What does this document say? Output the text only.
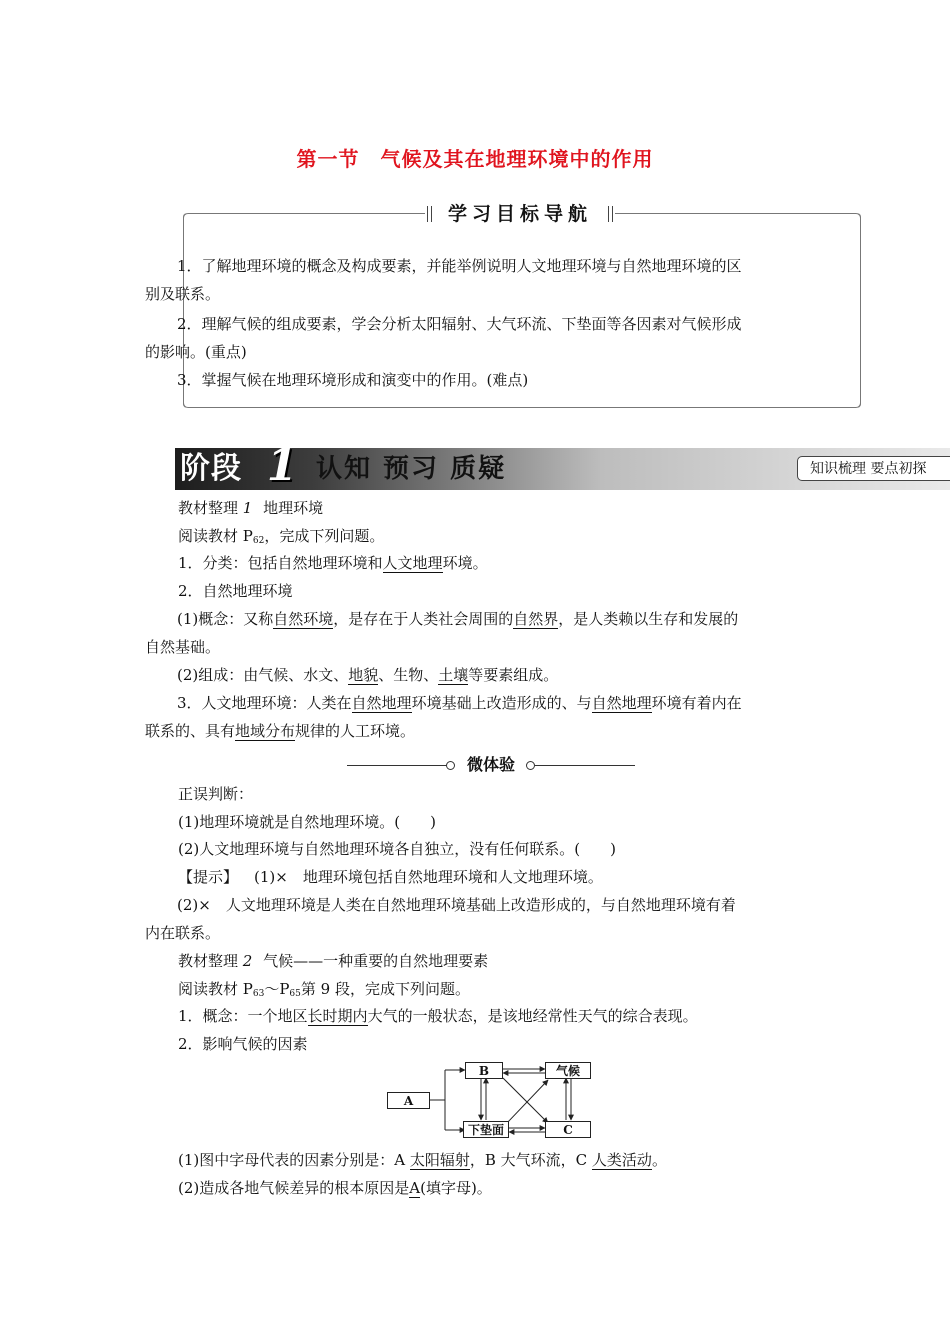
第一节　气候及其在地理环境中的作用
学习目标导航
1．了解地理环境的概念及构成要素，并能举例说明人文地理环境与自然地理环境的区
别及联系。
2．理解气候的组成要素，学会分析太阳辐射、大气环流、下垫面等各因素对气候形成
的影响。(重点)
3．掌握气候在地理环境形成和演变中的作用。(难点)
阶段 1 认知 预习 质疑	知识梳理 要点初探
教材整理 1 地理环境
阅读教材 $P_{62}$，完成下列问题。
1．分类：包括自然地理环境和人文地理环境。
2．自然地理环境
(1)概念：又称自然环境，是存在于人类社会周围的自然界，是人类赖以生存和发展的
自然基础。
(2)组成：由气候、水文、地貌、生物、土壤等要素组成。
3．人文地理环境：人类在自然地理环境基础上改造形成的、与自然地理环境有着内在
联系的、具有地域分布规律的人工环境。
微体验
正误判断：
(1)地理环境就是自然地理环境。(　　)
(2)人文地理环境与自然地理环境各自独立，没有任何联系。(　　)
【提示】 (1)×　地理环境包括自然地理环境和人文地理环境。
(2)×　人文地理环境是人类在自然地理环境基础上改造形成的，与自然地理环境有着
内在联系。
教材整理 2 气候——一种重要的自然地理要素
阅读教材 $P_{63}\sim P_{65}$第 9 段，完成下列问题。
1．概念：一个地区长时期内大气的一般状态，是该地经常性天气的综合表现。
2．影响气候的因素
A
B	气候
下垫面	C
(1)图中字母代表的因素分别是：A 太阳辐射，B 大气环流，C 人类活动。
(2)造成各地气候差异的根本原因是A(填字母)。
